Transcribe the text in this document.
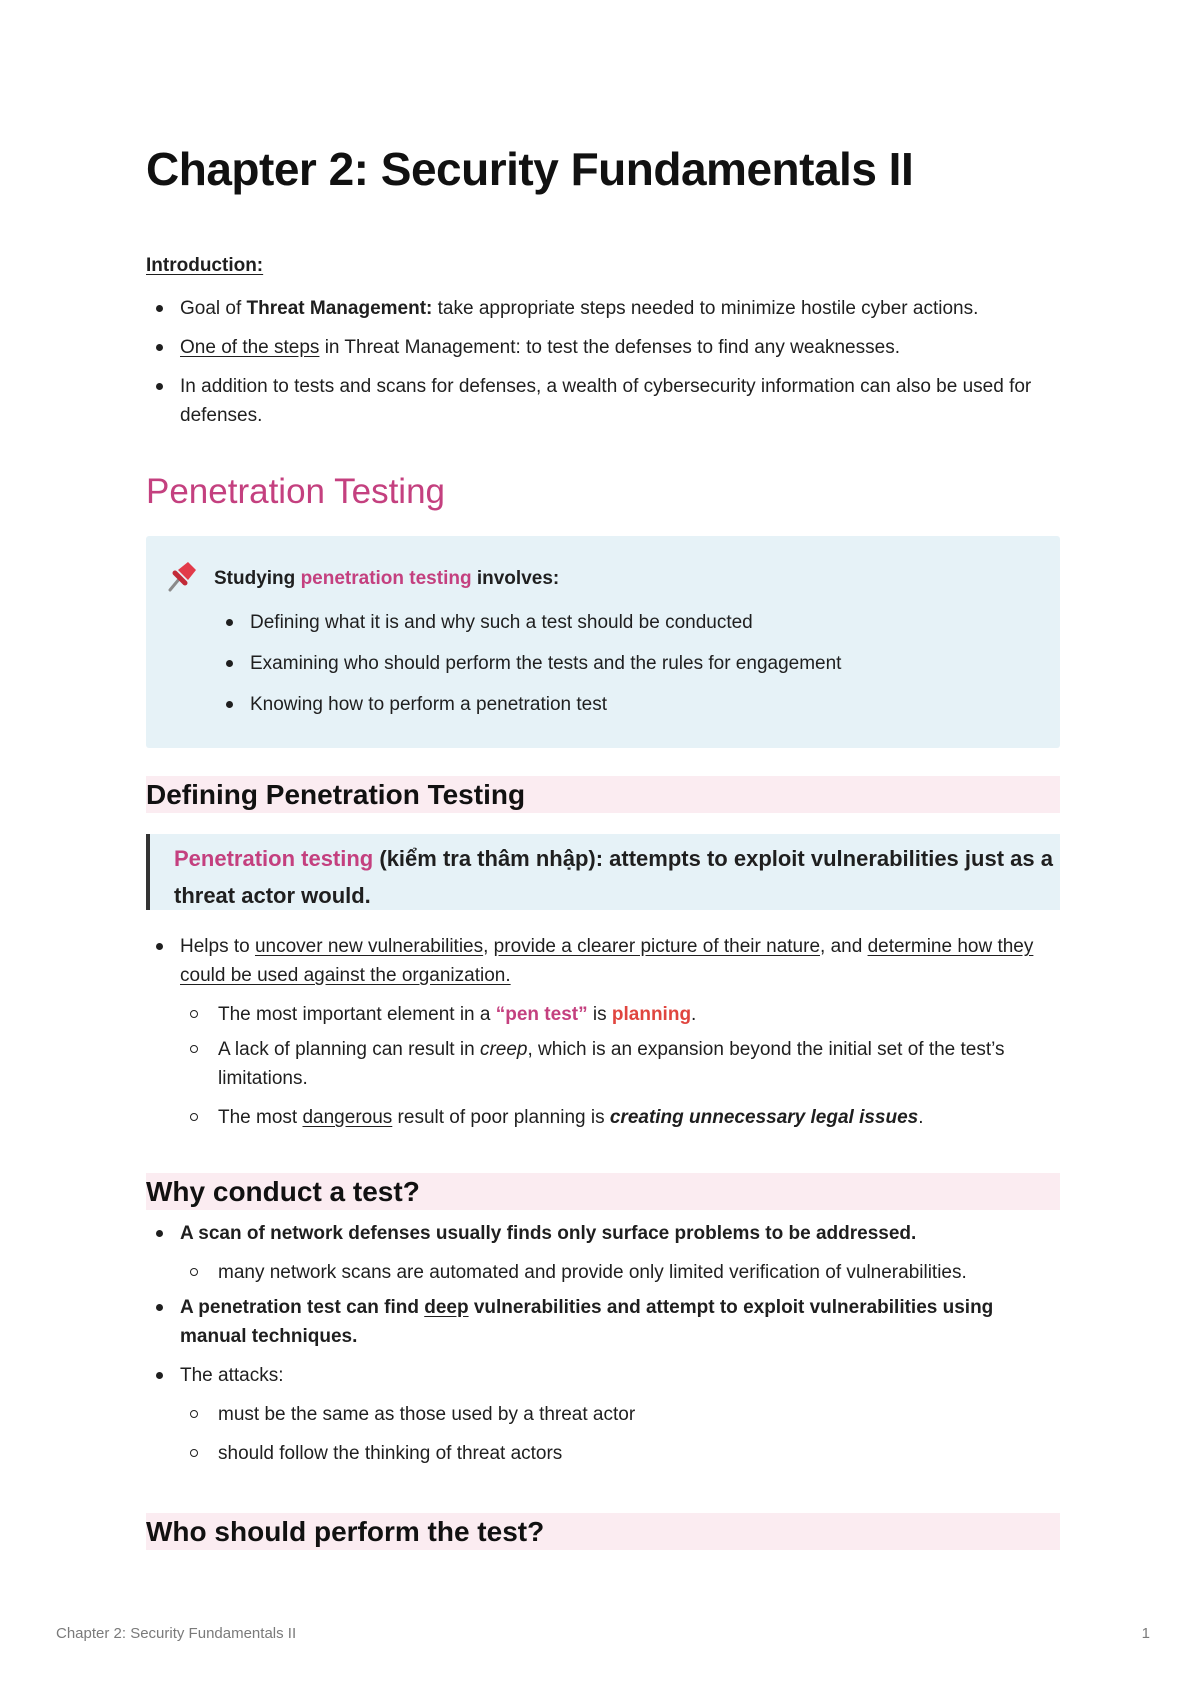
Chapter 2: Security Fundamentals II
Introduction:
Goal of Threat Management: take appropriate steps needed to minimize hostile cyber actions.
One of the steps in Threat Management: to test the defenses to find any weaknesses.
In addition to tests and scans for defenses, a wealth of cybersecurity information can also be used for defenses.
Penetration Testing
Studying penetration testing involves:
Defining what it is and why such a test should be conducted
Examining who should perform the tests and the rules for engagement
Knowing how to perform a penetration test
Defining Penetration Testing
Penetration testing (kiểm tra thâm nhập): attempts to exploit vulnerabilities just as a threat actor would.
Helps to uncover new vulnerabilities, provide a clearer picture of their nature, and determine how they could be used against the organization.
The most important element in a “pen test” is planning.
A lack of planning can result in creep, which is an expansion beyond the initial set of the test’s limitations.
The most dangerous result of poor planning is creating unnecessary legal issues.
Why conduct a test?
A scan of network defenses usually finds only surface problems to be addressed.
many network scans are automated and provide only limited verification of vulnerabilities.
A penetration test can find deep vulnerabilities and attempt to exploit vulnerabilities using manual techniques.
The attacks:
must be the same as those used by a threat actor
should follow the thinking of threat actors
Who should perform the test?
Chapter 2: Security Fundamentals II	1
